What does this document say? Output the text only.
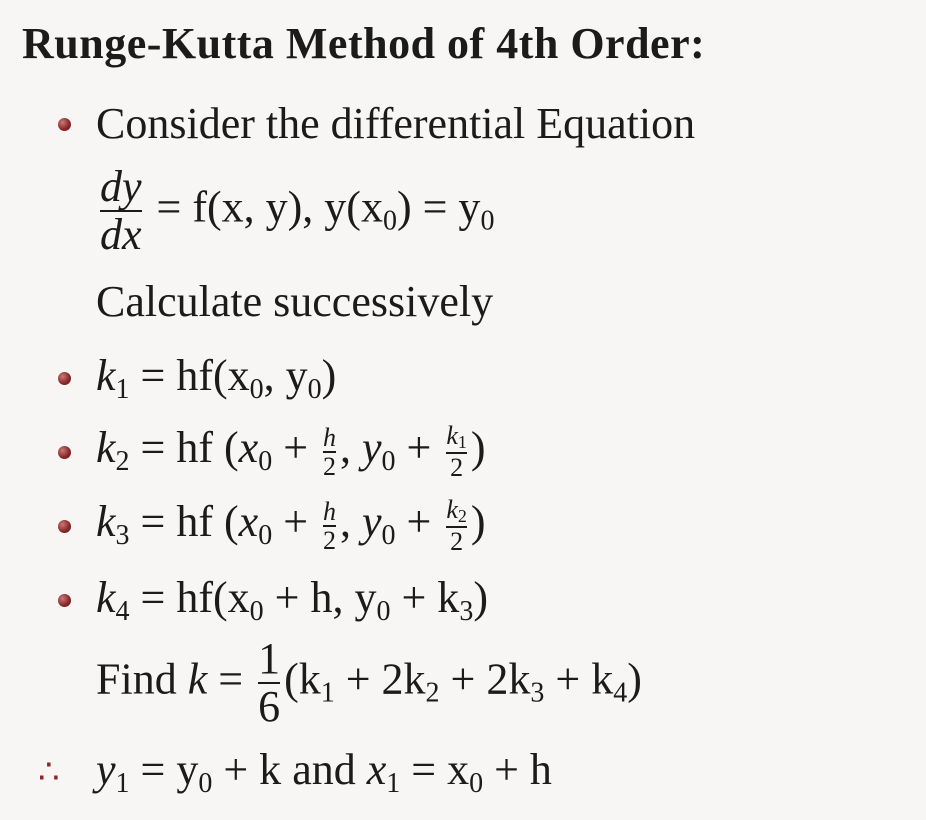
Runge-Kutta Method of 4th Order:
Consider the differential Equation
$\frac{dy}{dx} = f(x$, y), $y(x_0) = y_0$
Calculate successively
$k_1 = hf(x_0$, $y_0$)
$k_2$ = hf ($x_0 + \frac{h}{2}$ , $y_0 + \frac{k_1}{2}$ )
$k_3$ = hf ($x_0 + \frac{h}{2}$ , $y_0 + \frac{k_2}{2}$ )
$k_4 = hf(x_0 + h$, $y_0 + k_3$)
Find $k = \frac{1}{6} (k_1 + 2k_2 + 2k_3 + k_4)$
∴ $y_1 = y_0 + k$ and $x_1 = x_0 + h$
